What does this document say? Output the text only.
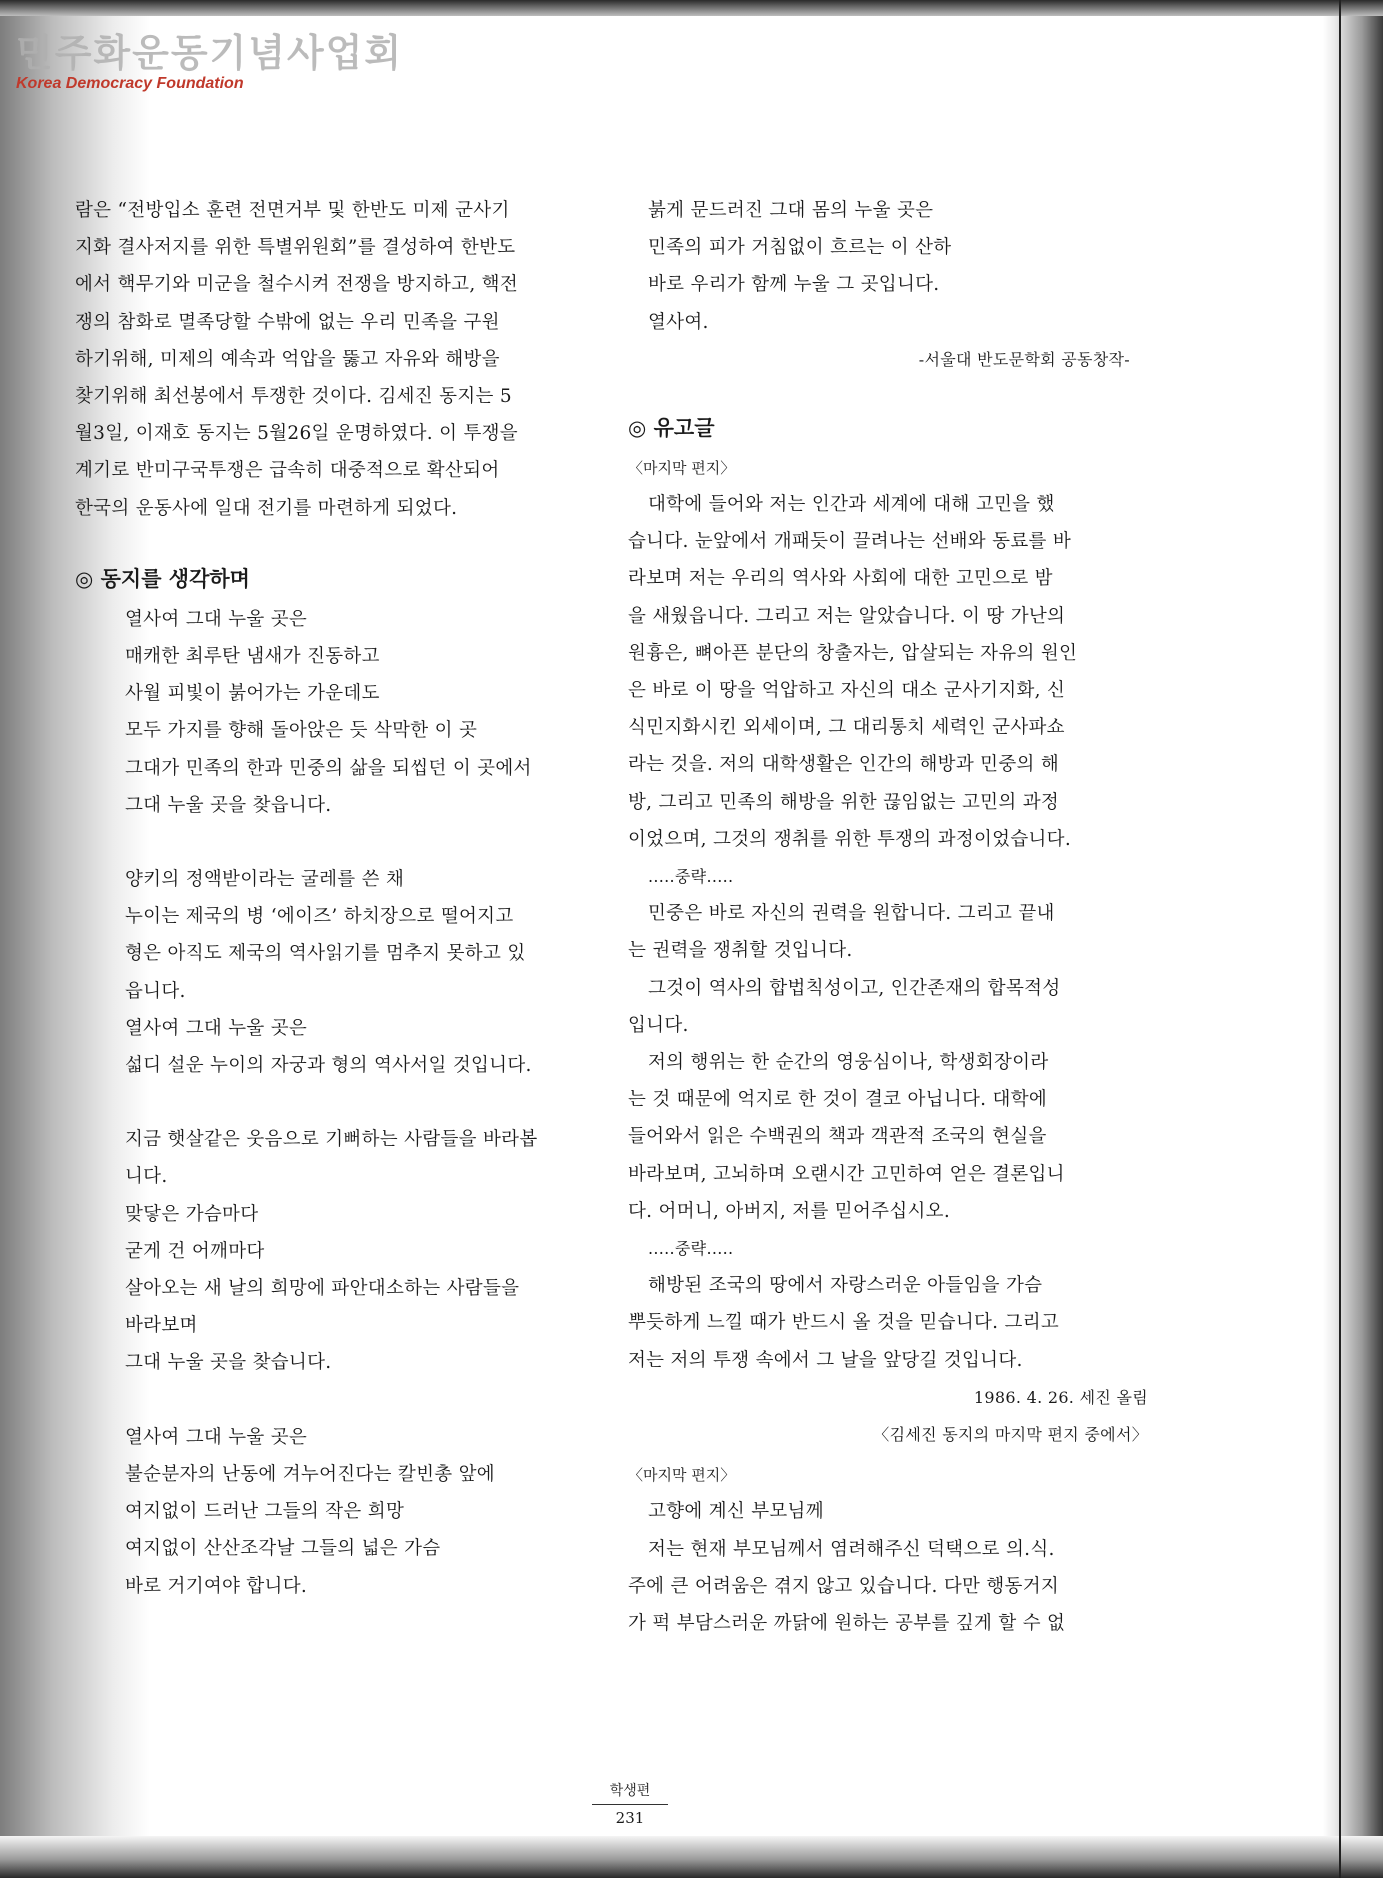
민주화운동기념사업회
Korea Democracy Foundation
람은 “전방입소 훈련 전면거부 및 한반도 미제 군사기
지화 결사저지를 위한 특별위원회”를 결성하여 한반도
에서 핵무기와 미군을 철수시켜 전쟁을 방지하고, 핵전
쟁의 참화로 멸족당할 수밖에 없는 우리 민족을 구원
하기위해, 미제의 예속과 억압을 뚫고 자유와 해방을
찾기위해 최선봉에서 투쟁한 것이다. 김세진 동지는 5
월3일, 이재호 동지는 5월26일 운명하였다. 이 투쟁을
계기로 반미구국투쟁은 급속히 대중적으로 확산되어
한국의 운동사에 일대 전기를 마련하게 되었다.
◎ 동지를 생각하며
열사여 그대 누울 곳은
매캐한 최루탄 냄새가 진동하고
사월 피빛이 붉어가는 가운데도
모두 가지를 향해 돌아앉은 듯 삭막한 이 곳
그대가 민족의 한과 민중의 삶을 되씹던 이 곳에서
그대 누울 곳을 찾읍니다.
양키의 정액받이라는 굴레를 쓴 채
누이는 제국의 병 ‘에이즈’ 하치장으로 떨어지고
형은 아직도 제국의 역사읽기를 멈추지 못하고 있
읍니다.
열사여 그대 누울 곳은
섧디 설운 누이의 자궁과 형의 역사서일 것입니다.
지금 햇살같은 웃음으로 기뻐하는 사람들을 바라봅
니다.
맞닿은 가슴마다
굳게 건 어깨마다
살아오는 새 날의 희망에 파안대소하는 사람들을
바라보며
그대 누울 곳을 찾습니다.
열사여 그대 누울 곳은
불순분자의 난동에 겨누어진다는 칼빈총 앞에
여지없이 드러난 그들의 작은 희망
여지없이 산산조각날 그들의 넓은 가슴
바로 거기여야 합니다.
붉게 문드러진 그대 몸의 누울 곳은
민족의 피가 거침없이 흐르는 이 산하
바로 우리가 함께 누울 그 곳입니다.
열사여.
-서울대 반도문학회 공동창작-
◎ 유고글
〈마지막 편지〉
대학에 들어와 저는 인간과 세계에 대해 고민을 했
습니다. 눈앞에서 개패듯이 끌려나는 선배와 동료를 바
라보며 저는 우리의 역사와 사회에 대한 고민으로 밤
을 새웠읍니다. 그리고 저는 알았습니다. 이 땅 가난의
원흉은, 뼈아픈 분단의 창출자는, 압살되는 자유의 원인
은 바로 이 땅을 억압하고 자신의 대소 군사기지화, 신
식민지화시킨 외세이며, 그 대리통치 세력인 군사파쇼
라는 것을. 저의 대학생활은 인간의 해방과 민중의 해
방, 그리고 민족의 해방을 위한 끊임없는 고민의 과정
이었으며, 그것의 쟁취를 위한 투쟁의 과정이었습니다.
.....중략.....
민중은 바로 자신의 권력을 원합니다. 그리고 끝내
는 권력을 쟁취할 것입니다.
그것이 역사의 합법칙성이고, 인간존재의 합목적성
입니다.
저의 행위는 한 순간의 영웅심이나, 학생회장이라
는 것 때문에 억지로 한 것이 결코 아닙니다. 대학에
들어와서 읽은 수백권의 책과 객관적 조국의 현실을
바라보며, 고뇌하며 오랜시간 고민하여 얻은 결론입니
다. 어머니, 아버지, 저를 믿어주십시오.
.....중략.....
해방된 조국의 땅에서 자랑스러운 아들임을 가슴
뿌듯하게 느낄 때가 반드시 올 것을 믿습니다. 그리고
저는 저의 투쟁 속에서 그 날을 앞당길 것입니다.
1986. 4. 26. 세진 올림
〈김세진 동지의 마지막 편지 중에서〉
〈마지막 편지〉
고향에 계신 부모님께
저는 현재 부모님께서 염려해주신 덕택으로 의.식.
주에 큰 어려움은 겪지 않고 있습니다. 다만 행동거지
가 퍽 부담스러운 까닭에 원하는 공부를 깊게 할 수 없
학생편
231
